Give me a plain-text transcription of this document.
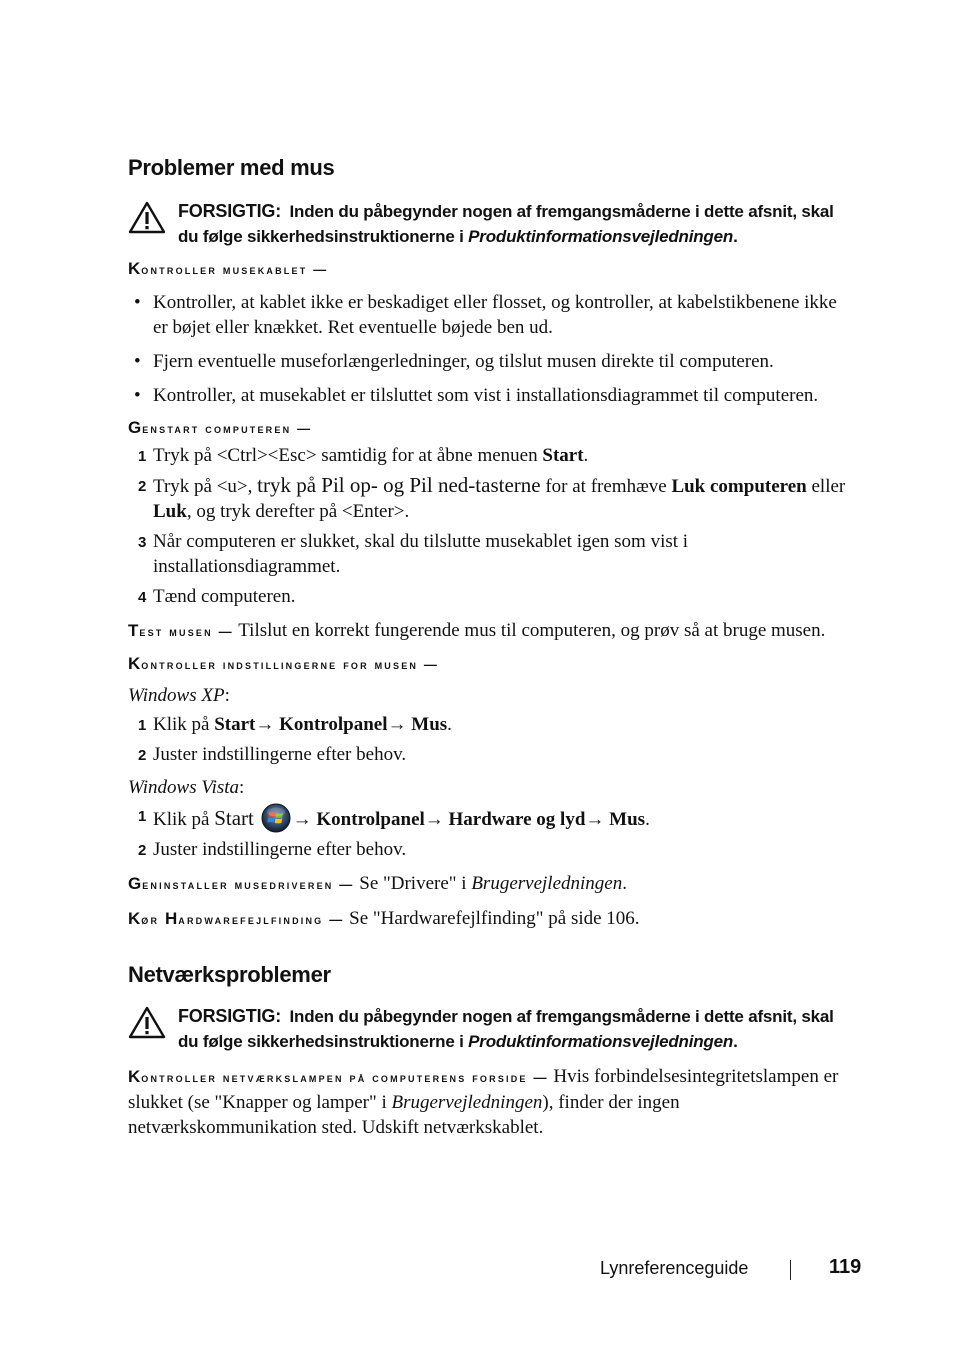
Problemer med mus
FORSIGTIG: Inden du påbegynder nogen af fremgangsmåderne i dette afsnit, skal du følge sikkerhedsinstruktionerne i Produktinformationsvejledningen.
Kontroller musekablet —
• Kontroller, at kablet ikke er beskadiget eller flosset, og kontroller, at kabelstikbenene ikke er bøjet eller knækket. Ret eventuelle bøjede ben ud.
• Fjern eventuelle museforlængerledninger, og tilslut musen direkte til computeren.
• Kontroller, at musekablet er tilsluttet som vist i installationsdiagrammet til computeren.
Genstart computeren —
1 Tryk på <Ctrl><Esc> samtidig for at åbne menuen Start.
2 Tryk på <u>, tryk på Pil op- og Pil ned-tasterne for at fremhæve Luk computeren eller Luk, og tryk derefter på <Enter>.
3 Når computeren er slukket, skal du tilslutte musekablet igen som vist i installationsdiagrammet.
4 Tænd computeren.
Test musen — Tilslut en korrekt fungerende mus til computeren, og prøv så at bruge musen.
Kontroller indstillingerne for musen —
Windows XP:
1 Klik på Start→ Kontrolpanel→ Mus.
2 Juster indstillingerne efter behov.
Windows Vista:
1 Klik på Start → Kontrolpanel→ Hardware og lyd→ Mus.
2 Juster indstillingerne efter behov.
Geninstaller musedriveren — Se "Drivere" i Brugervejledningen.
Kør Hardwarefejlfinding — Se "Hardwarefejlfinding" på side 106.
Netværksproblemer
FORSIGTIG: Inden du påbegynder nogen af fremgangsmåderne i dette afsnit, skal du følge sikkerhedsinstruktionerne i Produktinformationsvejledningen.
Kontroller netværkslampen på computerens forside — Hvis forbindelsesintegritetslampen er slukket (se "Knapper og lamper" i Brugervejledningen), finder der ingen netværkskommunikation sted. Udskift netværkskablet.
Lynreferenceguide	119
